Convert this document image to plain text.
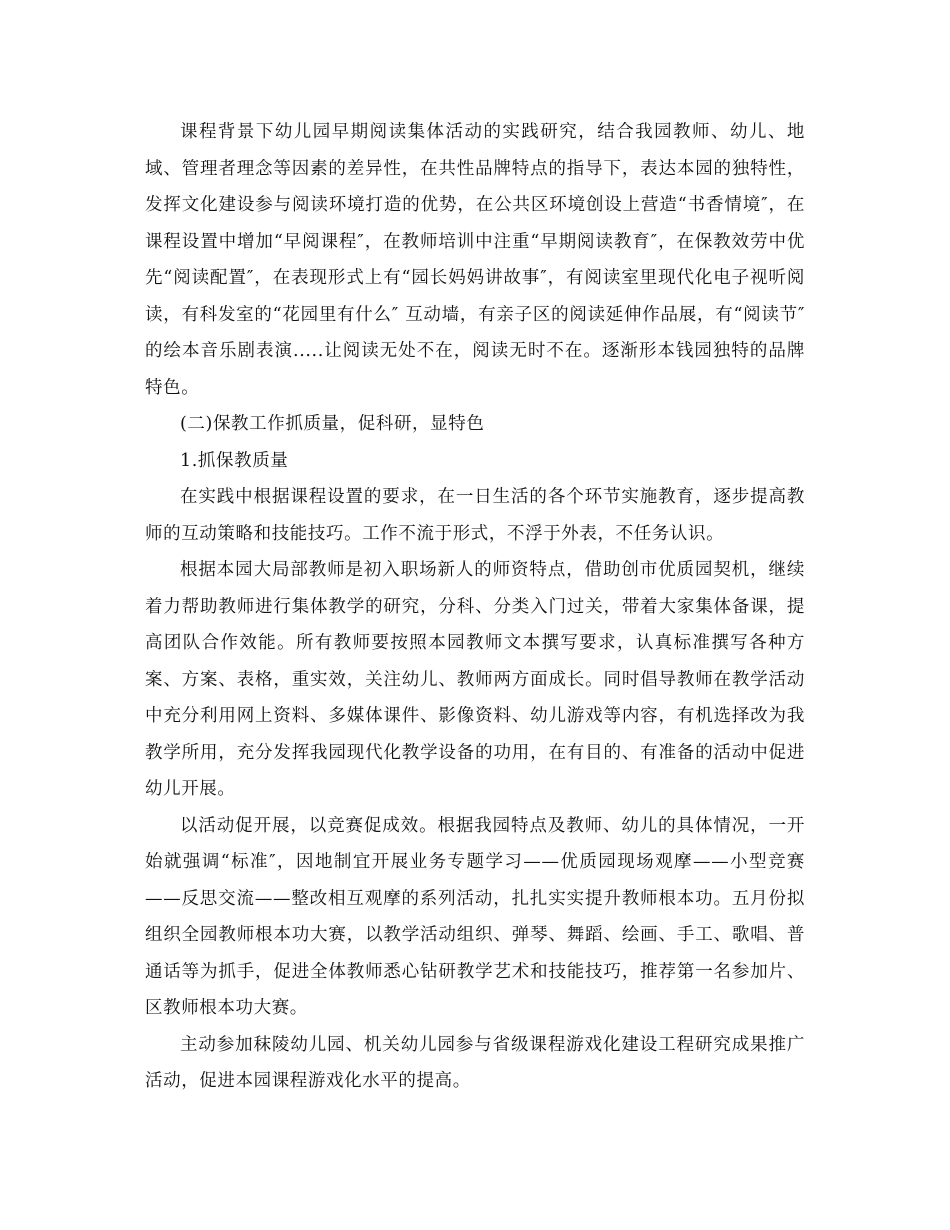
课程背景下幼儿园早期阅读集体活动的实践研究，结合我园教师、幼儿、地域、管理者理念等因素的差异性，在共性品牌特点的指导下，表达本园的独特性，发挥文化建设参与阅读环境打造的优势，在公共区环境创设上营造“书香情境″，在课程设置中增加“早阅课程″，在教师培训中注重“早期阅读教育″，在保教效劳中优先“阅读配置″，在表现形式上有“园长妈妈讲故事″，有阅读室里现代化电子视听阅读，有科发室的“花园里有什么″ 互动墙，有亲子区的阅读延伸作品展，有“阅读节″ 的绘本音乐剧表演.....让阅读无处不在，阅读无时不在。逐渐形本钱园独特的品牌特色。

(二)保教工作抓质量，促科研，显特色

1.抓保教质量

在实践中根据课程设置的要求，在一日生活的各个环节实施教育，逐步提高教师的互动策略和技能技巧。工作不流于形式，不浮于外表，不任务认识。

根据本园大局部教师是初入职场新人的师资特点，借助创市优质园契机，继续着力帮助教师进行集体教学的研究，分科、分类入门过关，带着大家集体备课，提高团队合作效能。所有教师要按照本园教师文本撰写要求，认真标准撰写各种方案、方案、表格，重实效，关注幼儿、教师两方面成长。同时倡导教师在教学活动中充分利用网上资料、多媒体课件、影像资料、幼儿游戏等内容，有机选择改为我教学所用，充分发挥我园现代化教学设备的功用，在有目的、有准备的活动中促进幼儿开展。

以活动促开展，以竞赛促成效。根据我园特点及教师、幼儿的具体情况，一开始就强调“标准″，因地制宜开展业务专题学习——优质园现场观摩——小型竞赛——反思交流——整改相互观摩的系列活动，扎扎实实提升教师根本功。五月份拟组织全园教师根本功大赛，以教学活动组织、弹琴、舞蹈、绘画、手工、歌唱、普通话等为抓手，促进全体教师悉心钻研教学艺术和技能技巧，推荐第一名参加片、区教师根本功大赛。

主动参加秣陵幼儿园、机关幼儿园参与省级课程游戏化建设工程研究成果推广活动，促进本园课程游戏化水平的提高。
